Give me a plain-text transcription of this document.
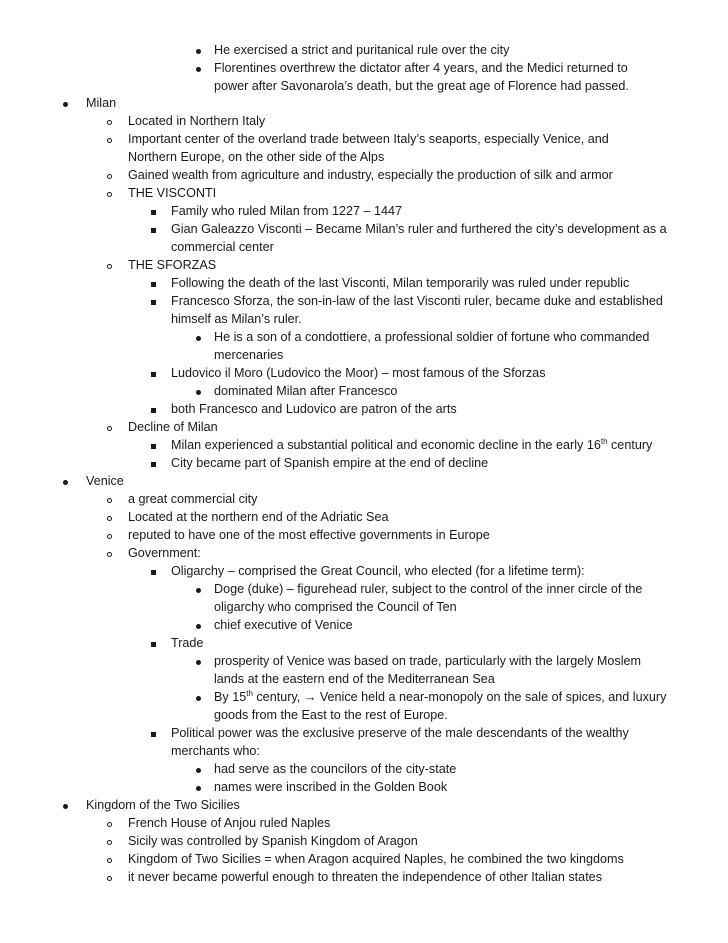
He exercised a strict and puritanical rule over the city
Florentines overthrew the dictator after 4 years, and the Medici returned to
power after Savonarola’s death, but the great age of Florence had passed.
Milan
Located in Northern Italy
Important center of the overland trade between Italy’s seaports, especially Venice, and
Northern Europe, on the other side of the Alps
Gained wealth from agriculture and industry, especially the production of silk and armor
THE VISCONTI
Family who ruled Milan from 1227 – 1447
Gian Galeazzo Visconti – Became Milan’s ruler and furthered the city’s development as a
commercial center
THE SFORZAS
Following the death of the last Visconti, Milan temporarily was ruled under republic
Francesco Sforza, the son-in-law of the last Visconti ruler, became duke and established
himself as Milan’s ruler.
He is a son of a condottiere, a professional soldier of fortune who commanded
mercenaries
Ludovico il Moro (Ludovico the Moor) – most famous of the Sforzas
dominated Milan after Francesco
both Francesco and Ludovico are patron of the arts
Decline of Milan
Milan experienced a substantial political and economic decline in the early 16th century
City became part of Spanish empire at the end of decline
Venice
a great commercial city
Located at the northern end of the Adriatic Sea
reputed to have one of the most effective governments in Europe
Government:
Oligarchy – comprised the Great Council, who elected (for a lifetime term):
Doge (duke) – figurehead ruler, subject to the control of the inner circle of the
oligarchy who comprised the Council of Ten
chief executive of Venice
Trade
prosperity of Venice was based on trade, particularly with the largely Moslem
lands at the eastern end of the Mediterranean Sea
By 15th century, → Venice held a near-monopoly on the sale of spices, and luxury
goods from the East to the rest of Europe.
Political power was the exclusive preserve of the male descendants of the wealthy
merchants who:
had serve as the councilors of the city-state
names were inscribed in the Golden Book
Kingdom of the Two Sicilies
French House of Anjou ruled Naples
Sicily was controlled by Spanish Kingdom of Aragon
Kingdom of Two Sicilies = when Aragon acquired Naples, he combined the two kingdoms
it never became powerful enough to threaten the independence of other Italian states
